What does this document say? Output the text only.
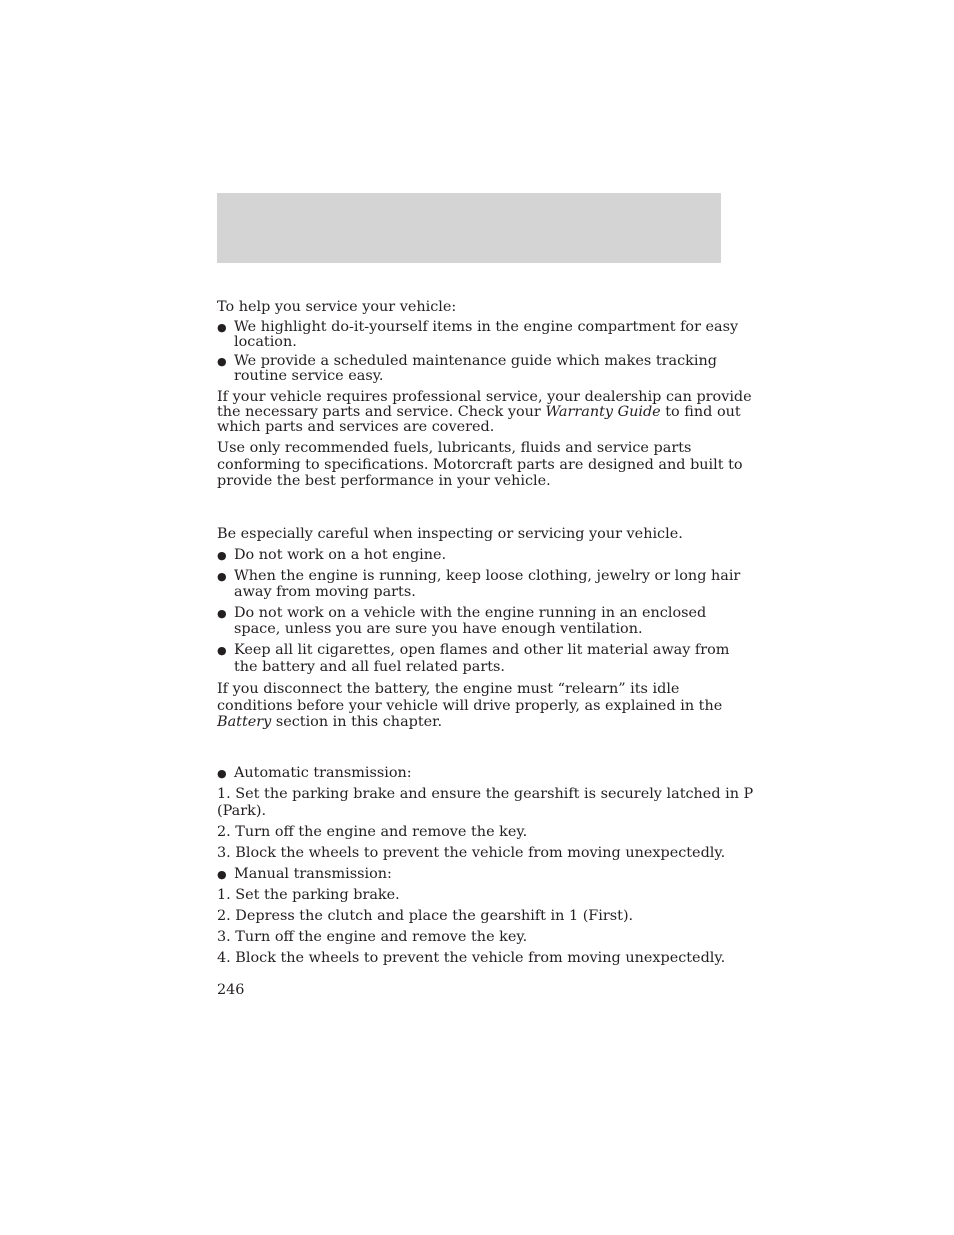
To help you service your vehicle:

● We highlight do-it-yourself items in the engine compartment for easy

location.

● We provide a scheduled maintenance guide which makes tracking

routine service easy.

If your vehicle requires professional service, your dealership can provide

the necessary parts and service. Check your Warranty Guide to find out

which parts and services are covered.

Use only recommended fuels, lubricants, fluids and service parts

conforming to specifications. Motorcraft parts are designed and built to

provide the best performance in your vehicle.

Be especially careful when inspecting or servicing your vehicle.

● Do not work on a hot engine.

● When the engine is running, keep loose clothing, jewelry or long hair

away from moving parts.

● Do not work on a vehicle with the engine running in an enclosed

space, unless you are sure you have enough ventilation.

● Keep all lit cigarettes, open flames and other lit material away from

the battery and all fuel related parts.

If you disconnect the battery, the engine must “relearn” its idle

conditions before your vehicle will drive properly, as explained in the

Battery section in this chapter.

● Automatic transmission:

1. Set the parking brake and ensure the gearshift is securely latched in P

(Park).

2. Turn off the engine and remove the key.

3. Block the wheels to prevent the vehicle from moving unexpectedly.

● Manual transmission:

1. Set the parking brake.

2. Depress the clutch and place the gearshift in 1 (First).

3. Turn off the engine and remove the key.

4. Block the wheels to prevent the vehicle from moving unexpectedly.

246
